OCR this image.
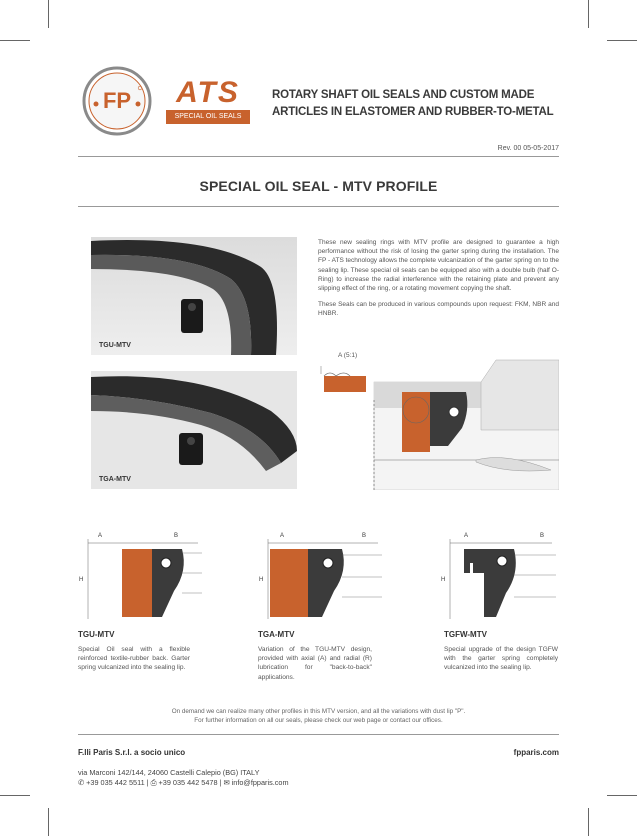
FP	ATS
SPECIAL OIL SEALS
ROTARY SHAFT OIL SEALS AND CUSTOM MADE
ARTICLES IN ELASTOMER AND RUBBER-TO-METAL
Rev. 00 05-05-2017
SPECIAL OIL SEAL - MTV PROFILE
TGU-MTV
TGA-MTV

These new sealing rings with MTV profile are designed to guarantee a high performance without the risk of losing the garter spring during the installation. The FP - ATS technology allows the complete vulcanization of the garter spring on to the sealing lip. These special oil seals can be equipped also with a double bulb (half O-Ring) to increase the radial interference with the retaining plate and prevent any slipping effect of the ring, or a rotating movement copying the shaft.

These Seals can be produced in various compounds upon request: FKM, NBR and HNBR.

A (5:1)
A	B
H
A	B
H
A	B
H
TGU-MTV
Special Oil seal with a flexible reinforced textile-rubber back. Garter spring vulcanized into the sealing lip.
TGA-MTV
Variation of the TGU-MTV design, provided with axial (A) and radial (R) lubrication for "back-to-back" applications.
TGFW-MTV
Special upgrade of the design TGFW with the garter spring completely vulcanized into the sealing lip.
On demand we can realize many other profiles in this MTV version, and all the variations with dust lip "P".
For further information on all our seals, please check our web page or contact our offices.
F.lli Paris S.r.l. a socio unico	fpparis.com
via Marconi 142/144, 24060 Castelli Calepio (BG) ITALY
✆ +39 035 442 5511 | ⎙ +39 035 442 5478 | ✉ info@fpparis.com
